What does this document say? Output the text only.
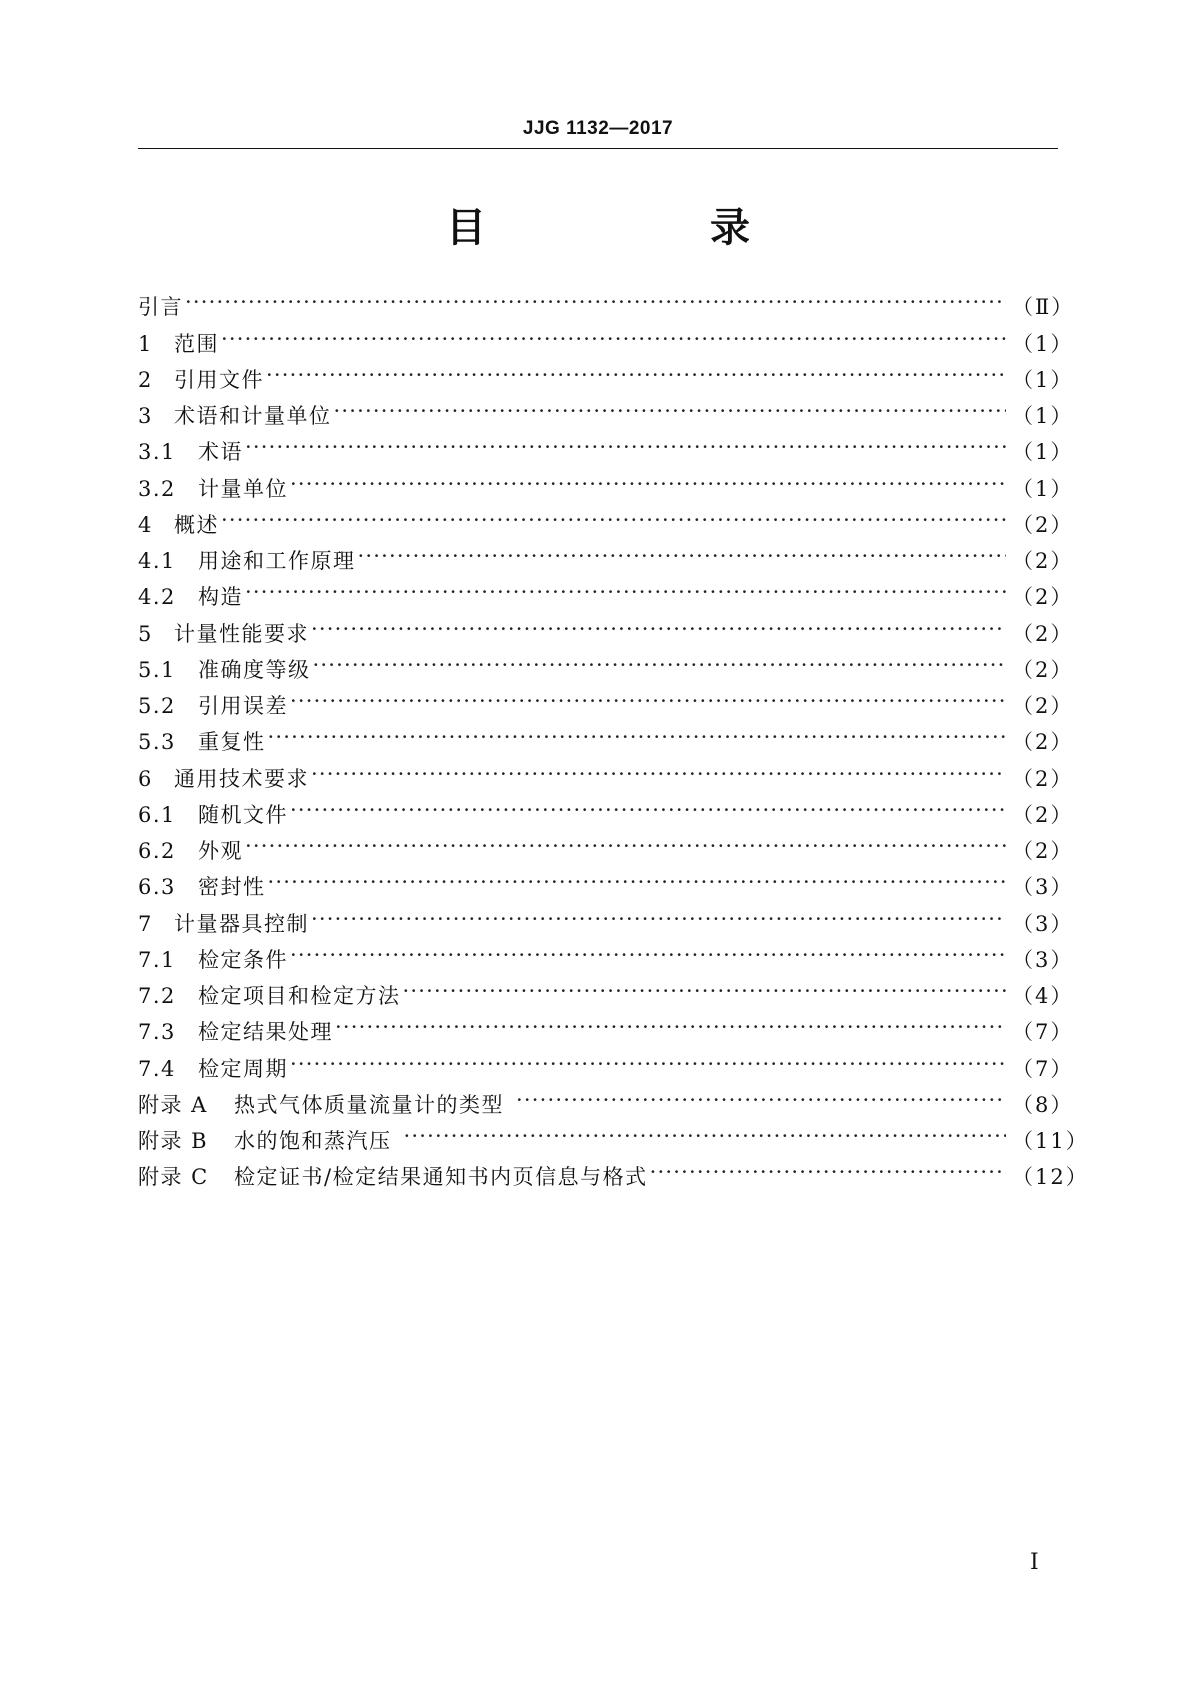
JJG 1132—2017
目　录
引言 ·····	（Ⅱ）
1	范围 ·····	（1）
2	引用文件 ·····	（1）
3	术语和计量单位 ·····	（1）
3.1	术语 ·····	（1）
3.2	计量单位 ·····	（1）
4	概述 ·····	（2）
4.1	用途和工作原理 ·····	（2）
4.2	构造 ·····	（2）
5	计量性能要求 ·····	（2）
5.1	准确度等级 ·····	（2）
5.2	引用误差 ·····	（2）
5.3	重复性 ·····	（2）
6	通用技术要求 ·····	（2）
6.1	随机文件 ·····	（2）
6.2	外观 ·····	（2）
6.3	密封性 ·····	（3）
7	计量器具控制 ·····	（3）
7.1	检定条件 ·····	（3）
7.2	检定项目和检定方法 ·····	（4）
7.3	检定结果处理 ·····	（7）
7.4	检定周期 ·····	（7）
附录 A	热式气体质量流量计的类型 ·····	（8）
附录 B	水的饱和蒸汽压 ·····	（11）
附录 C	检定证书/检定结果通知书内页信息与格式 ·····	（12）
Ⅰ
